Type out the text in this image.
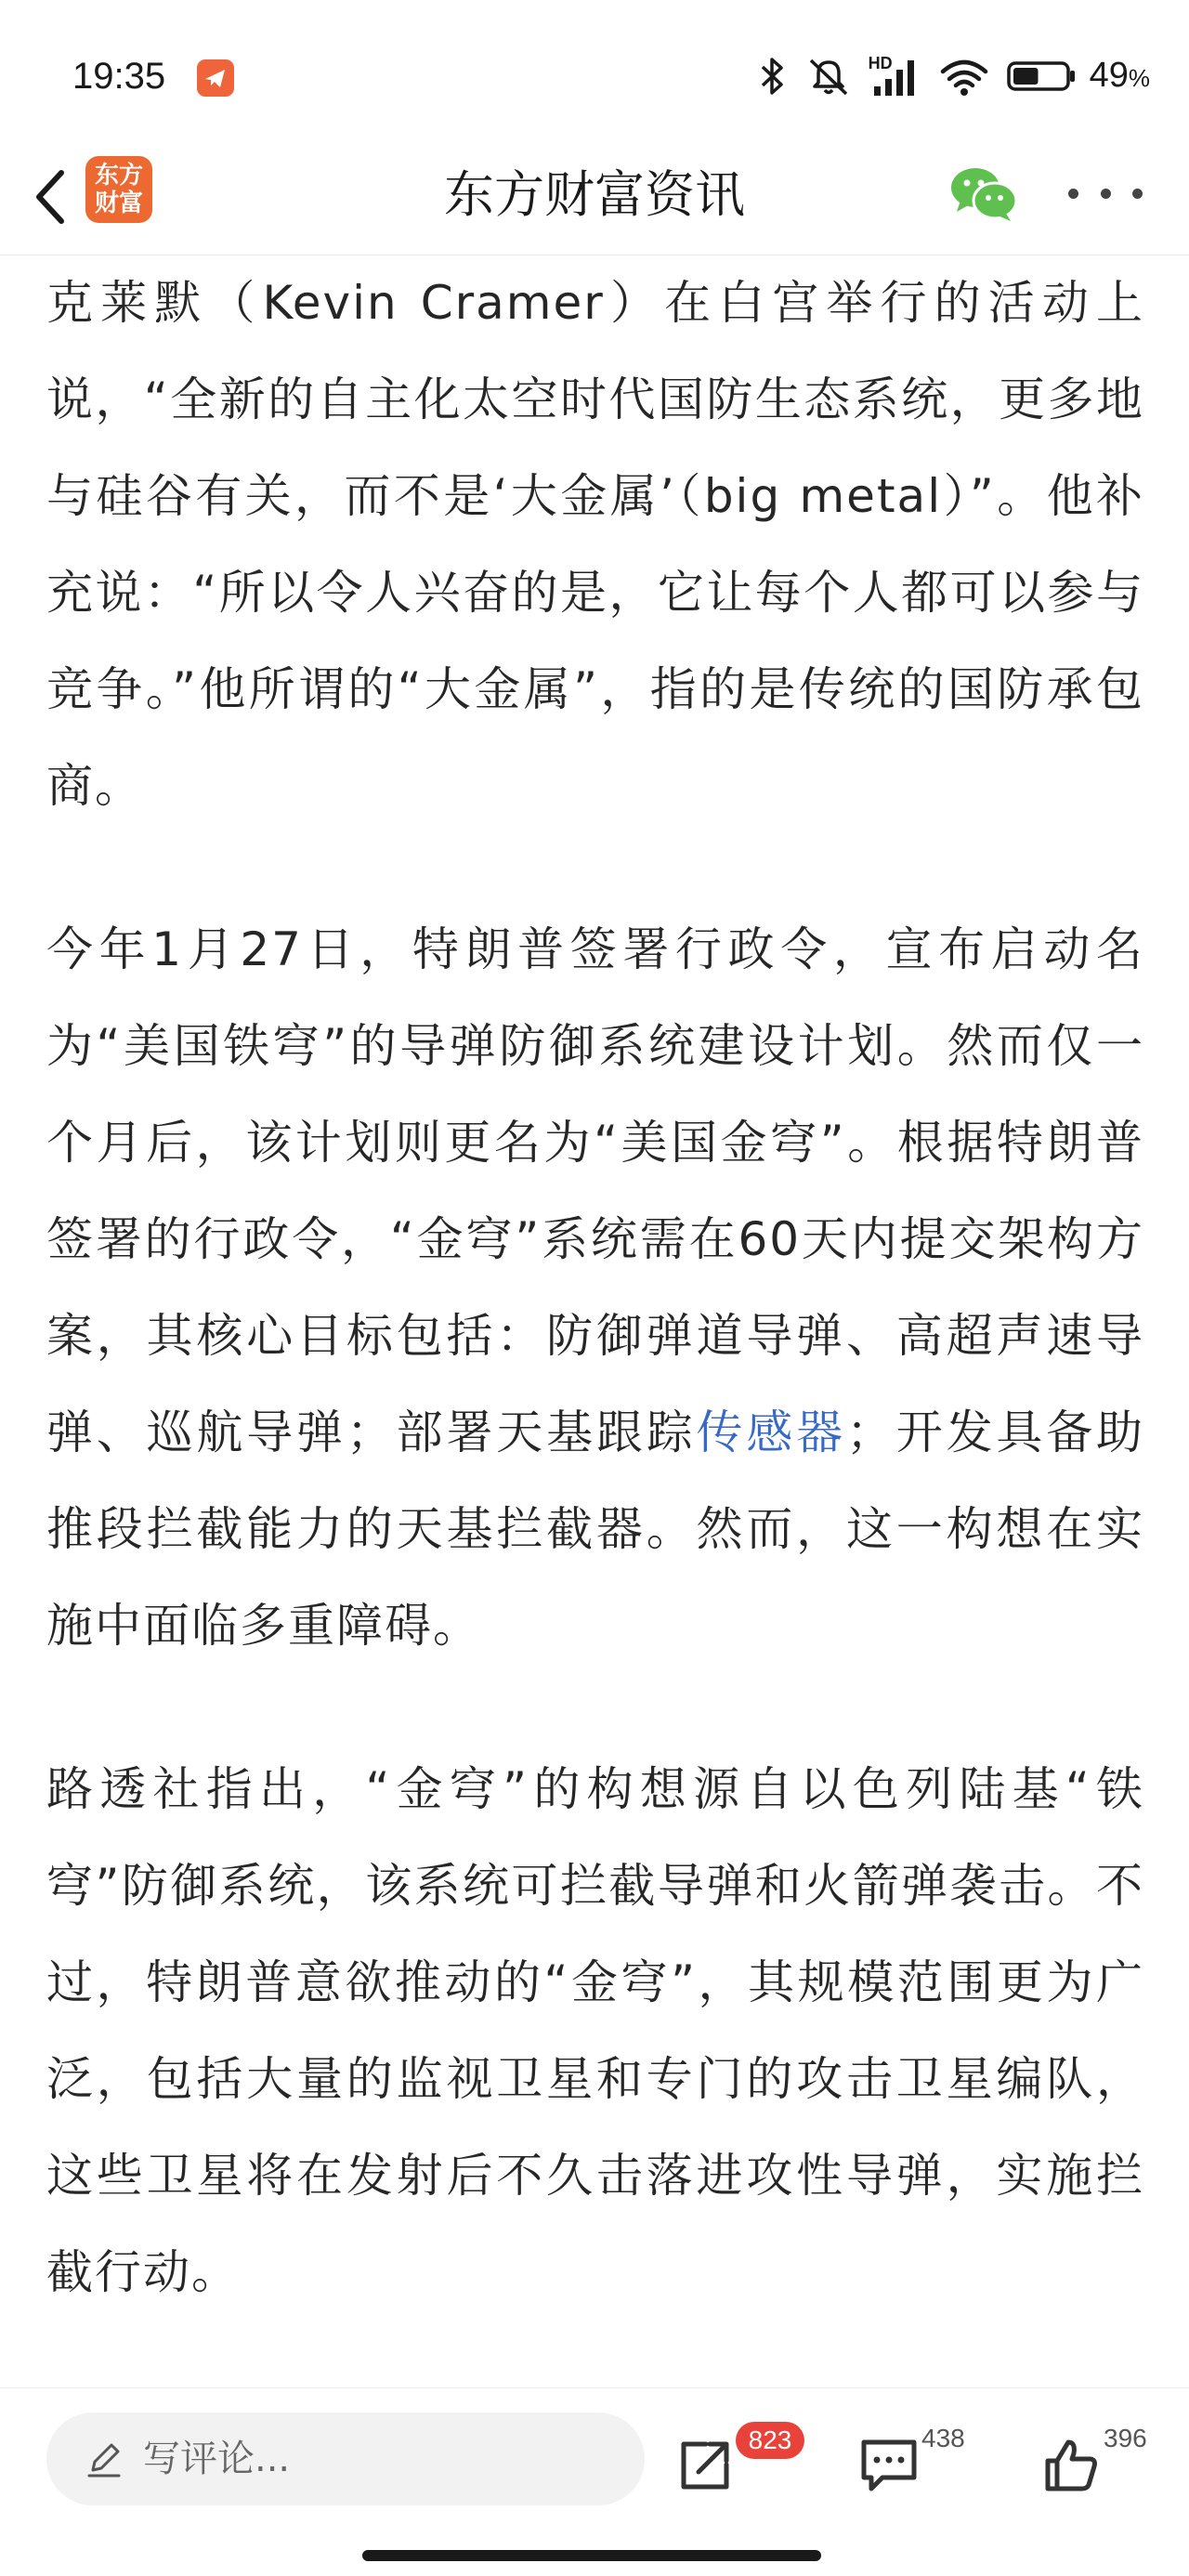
19:35	HD	49%
东方财富	东方财富资讯

克莱默（Kevin Cramer）在白宫举行的活动上说，“全新的自主化太空时代国防生态系统，更多地与硅谷有关，而不是‘大金属’（big metal）”。他补充说：“所以令人兴奋的是，它让每个人都可以参与竞争。”他所谓的“大金属”，指的是传统的国防承包商。

今年1月27日，特朗普签署行政令，宣布启动名为“美国铁穹”的导弹防御系统建设计划。然而仅一个月后，该计划则更名为“美国金穹”。根据特朗普签署的行政令，“金穹”系统需在60天内提交架构方案，其核心目标包括：防御弹道导弹、高超声速导弹、巡航导弹；部署天基跟踪传感器；开发具备助推段拦截能力的天基拦截器。然而，这一构想在实施中面临多重障碍。

路透社指出，“金穹”的构想源自以色列陆基“铁穹”防御系统，该系统可拦截导弹和火箭弹袭击。不过，特朗普意欲推动的“金穹”，其规模范围更为广泛，包括大量的监视卫星和专门的攻击卫星编队，这些卫星将在发射后不久击落进攻性导弹，实施拦截行动。

写评论...	823	438	396
